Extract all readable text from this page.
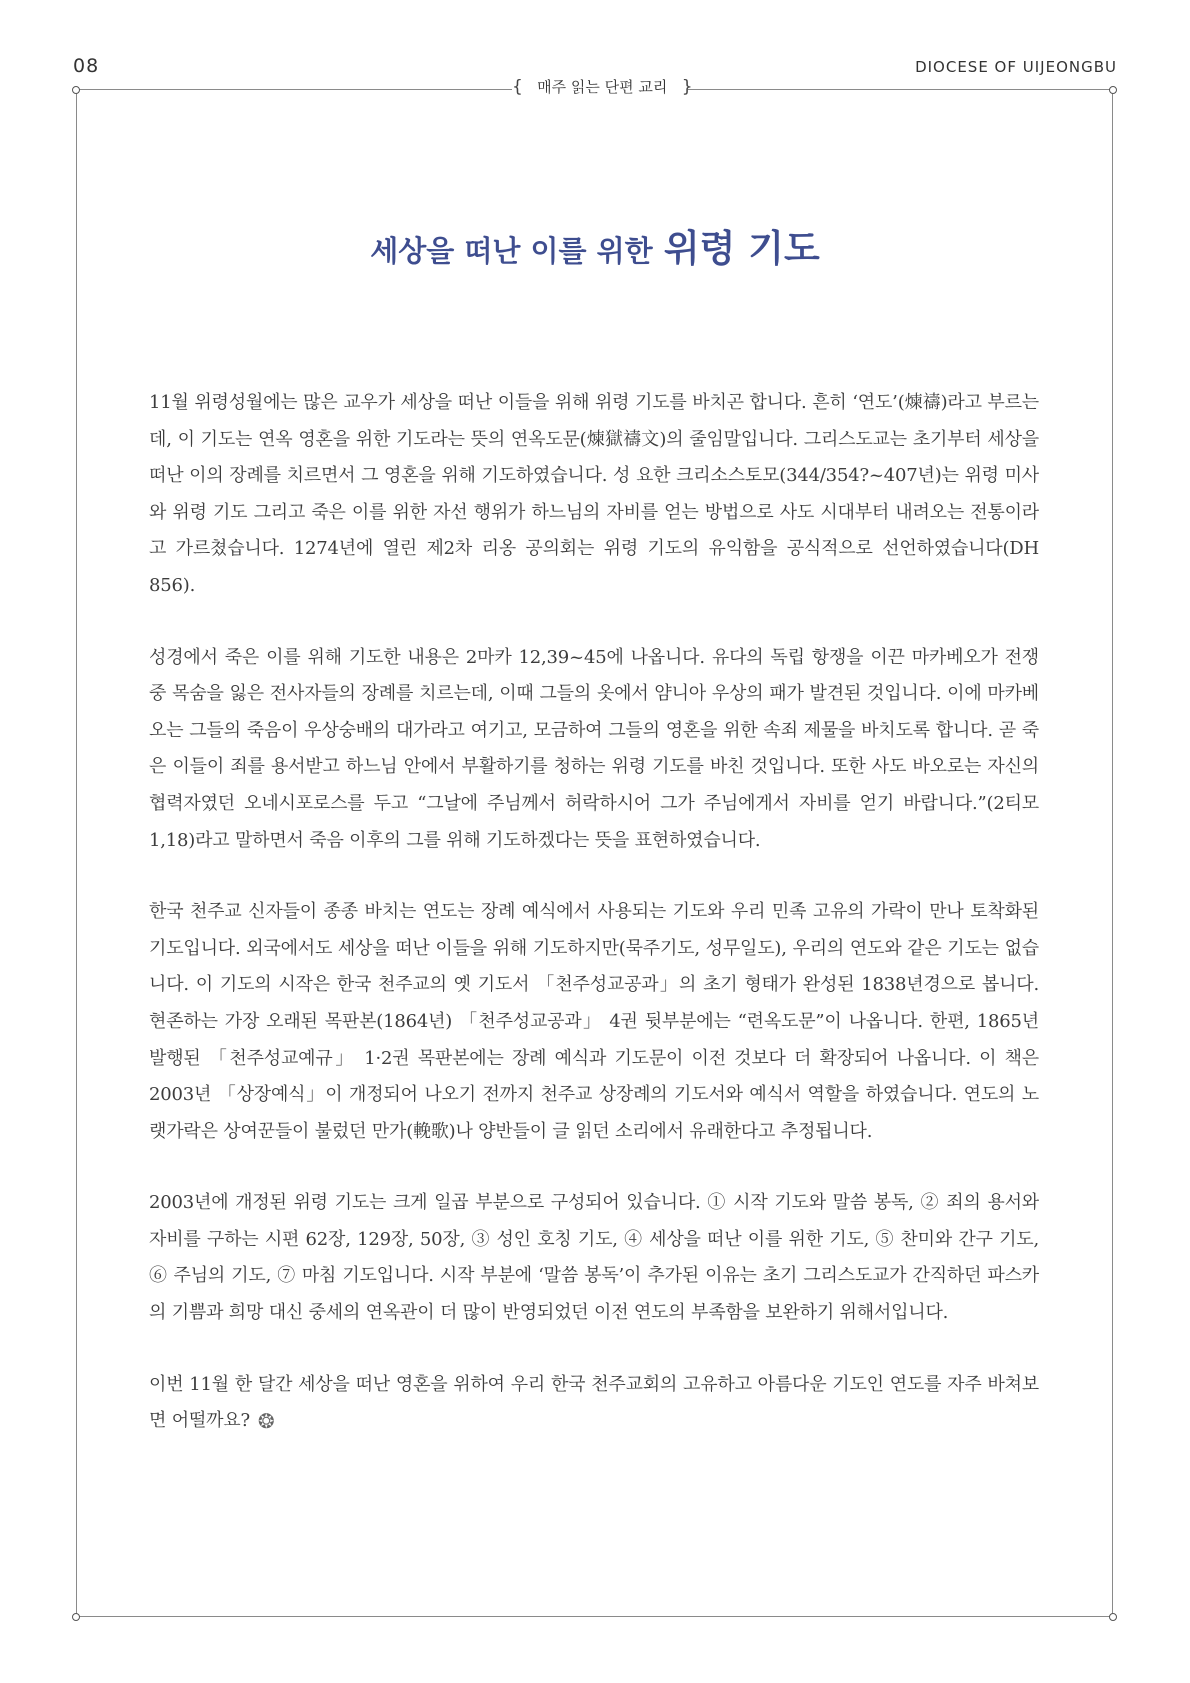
08	DIOCESE OF UIJEONGBU
{ 매주 읽는 단편 교리 }
세상을 떠난 이를 위한 위령 기도

11월 위령성월에는 많은 교우가 세상을 떠난 이들을 위해 위령 기도를 바치곤 합니다. 흔히 ‘연도’(煉禱)라고 부르는데, 이 기도는 연옥 영혼을 위한 기도라는 뜻의 연옥도문(煉獄禱文)의 줄임말입니다. 그리스도교는 초기부터 세상을 떠난 이의 장례를 치르면서 그 영혼을 위해 기도하였습니다. 성 요한 크리소스토모(344/354?~407년)는 위령 미사와 위령 기도 그리고 죽은 이를 위한 자선 행위가 하느님의 자비를 얻는 방법으로 사도 시대부터 내려오는 전통이라고 가르쳤습니다. 1274년에 열린 제2차 리옹 공의회는 위령 기도의 유익함을 공식적으로 선언하였습니다(DH 856).

성경에서 죽은 이를 위해 기도한 내용은 2마카 12,39~45에 나옵니다. 유다의 독립 항쟁을 이끈 마카베오가 전쟁 중 목숨을 잃은 전사자들의 장례를 치르는데, 이때 그들의 옷에서 얌니아 우상의 패가 발견된 것입니다. 이에 마카베오는 그들의 죽음이 우상숭배의 대가라고 여기고, 모금하여 그들의 영혼을 위한 속죄 제물을 바치도록 합니다. 곧 죽은 이들이 죄를 용서받고 하느님 안에서 부활하기를 청하는 위령 기도를 바친 것입니다. 또한 사도 바오로는 자신의 협력자였던 오네시포로스를 두고 “그날에 주님께서 허락하시어 그가 주님에게서 자비를 얻기 바랍니다.”(2티모 1,18)라고 말하면서 죽음 이후의 그를 위해 기도하겠다는 뜻을 표현하였습니다.

한국 천주교 신자들이 종종 바치는 연도는 장례 예식에서 사용되는 기도와 우리 민족 고유의 가락이 만나 토착화된 기도입니다. 외국에서도 세상을 떠난 이들을 위해 기도하지만(묵주기도, 성무일도), 우리의 연도와 같은 기도는 없습니다. 이 기도의 시작은 한국 천주교의 옛 기도서 「천주성교공과」의 초기 형태가 완성된 1838년경으로 봅니다. 현존하는 가장 오래된 목판본(1864년) 「천주성교공과」 4권 뒷부분에는 “련옥도문”이 나옵니다. 한편, 1865년 발행된 「천주성교예규」 1·2권 목판본에는 장례 예식과 기도문이 이전 것보다 더 확장되어 나옵니다. 이 책은 2003년 「상장예식」이 개정되어 나오기 전까지 천주교 상장례의 기도서와 예식서 역할을 하였습니다. 연도의 노랫가락은 상여꾼들이 불렀던 만가(輓歌)나 양반들이 글 읽던 소리에서 유래한다고 추정됩니다.

2003년에 개정된 위령 기도는 크게 일곱 부분으로 구성되어 있습니다. ① 시작 기도와 말씀 봉독, ② 죄의 용서와 자비를 구하는 시편 62장, 129장, 50장, ③ 성인 호칭 기도, ④ 세상을 떠난 이를 위한 기도, ⑤ 찬미와 간구 기도, ⑥ 주님의 기도, ⑦ 마침 기도입니다. 시작 부분에 ‘말씀 봉독’이 추가된 이유는 초기 그리스도교가 간직하던 파스카의 기쁨과 희망 대신 중세의 연옥관이 더 많이 반영되었던 이전 연도의 부족함을 보완하기 위해서입니다.

이번 11월 한 달간 세상을 떠난 영혼을 위하여 우리 한국 천주교회의 고유하고 아름다운 기도인 연도를 자주 바쳐보면 어떨까요? ❂
